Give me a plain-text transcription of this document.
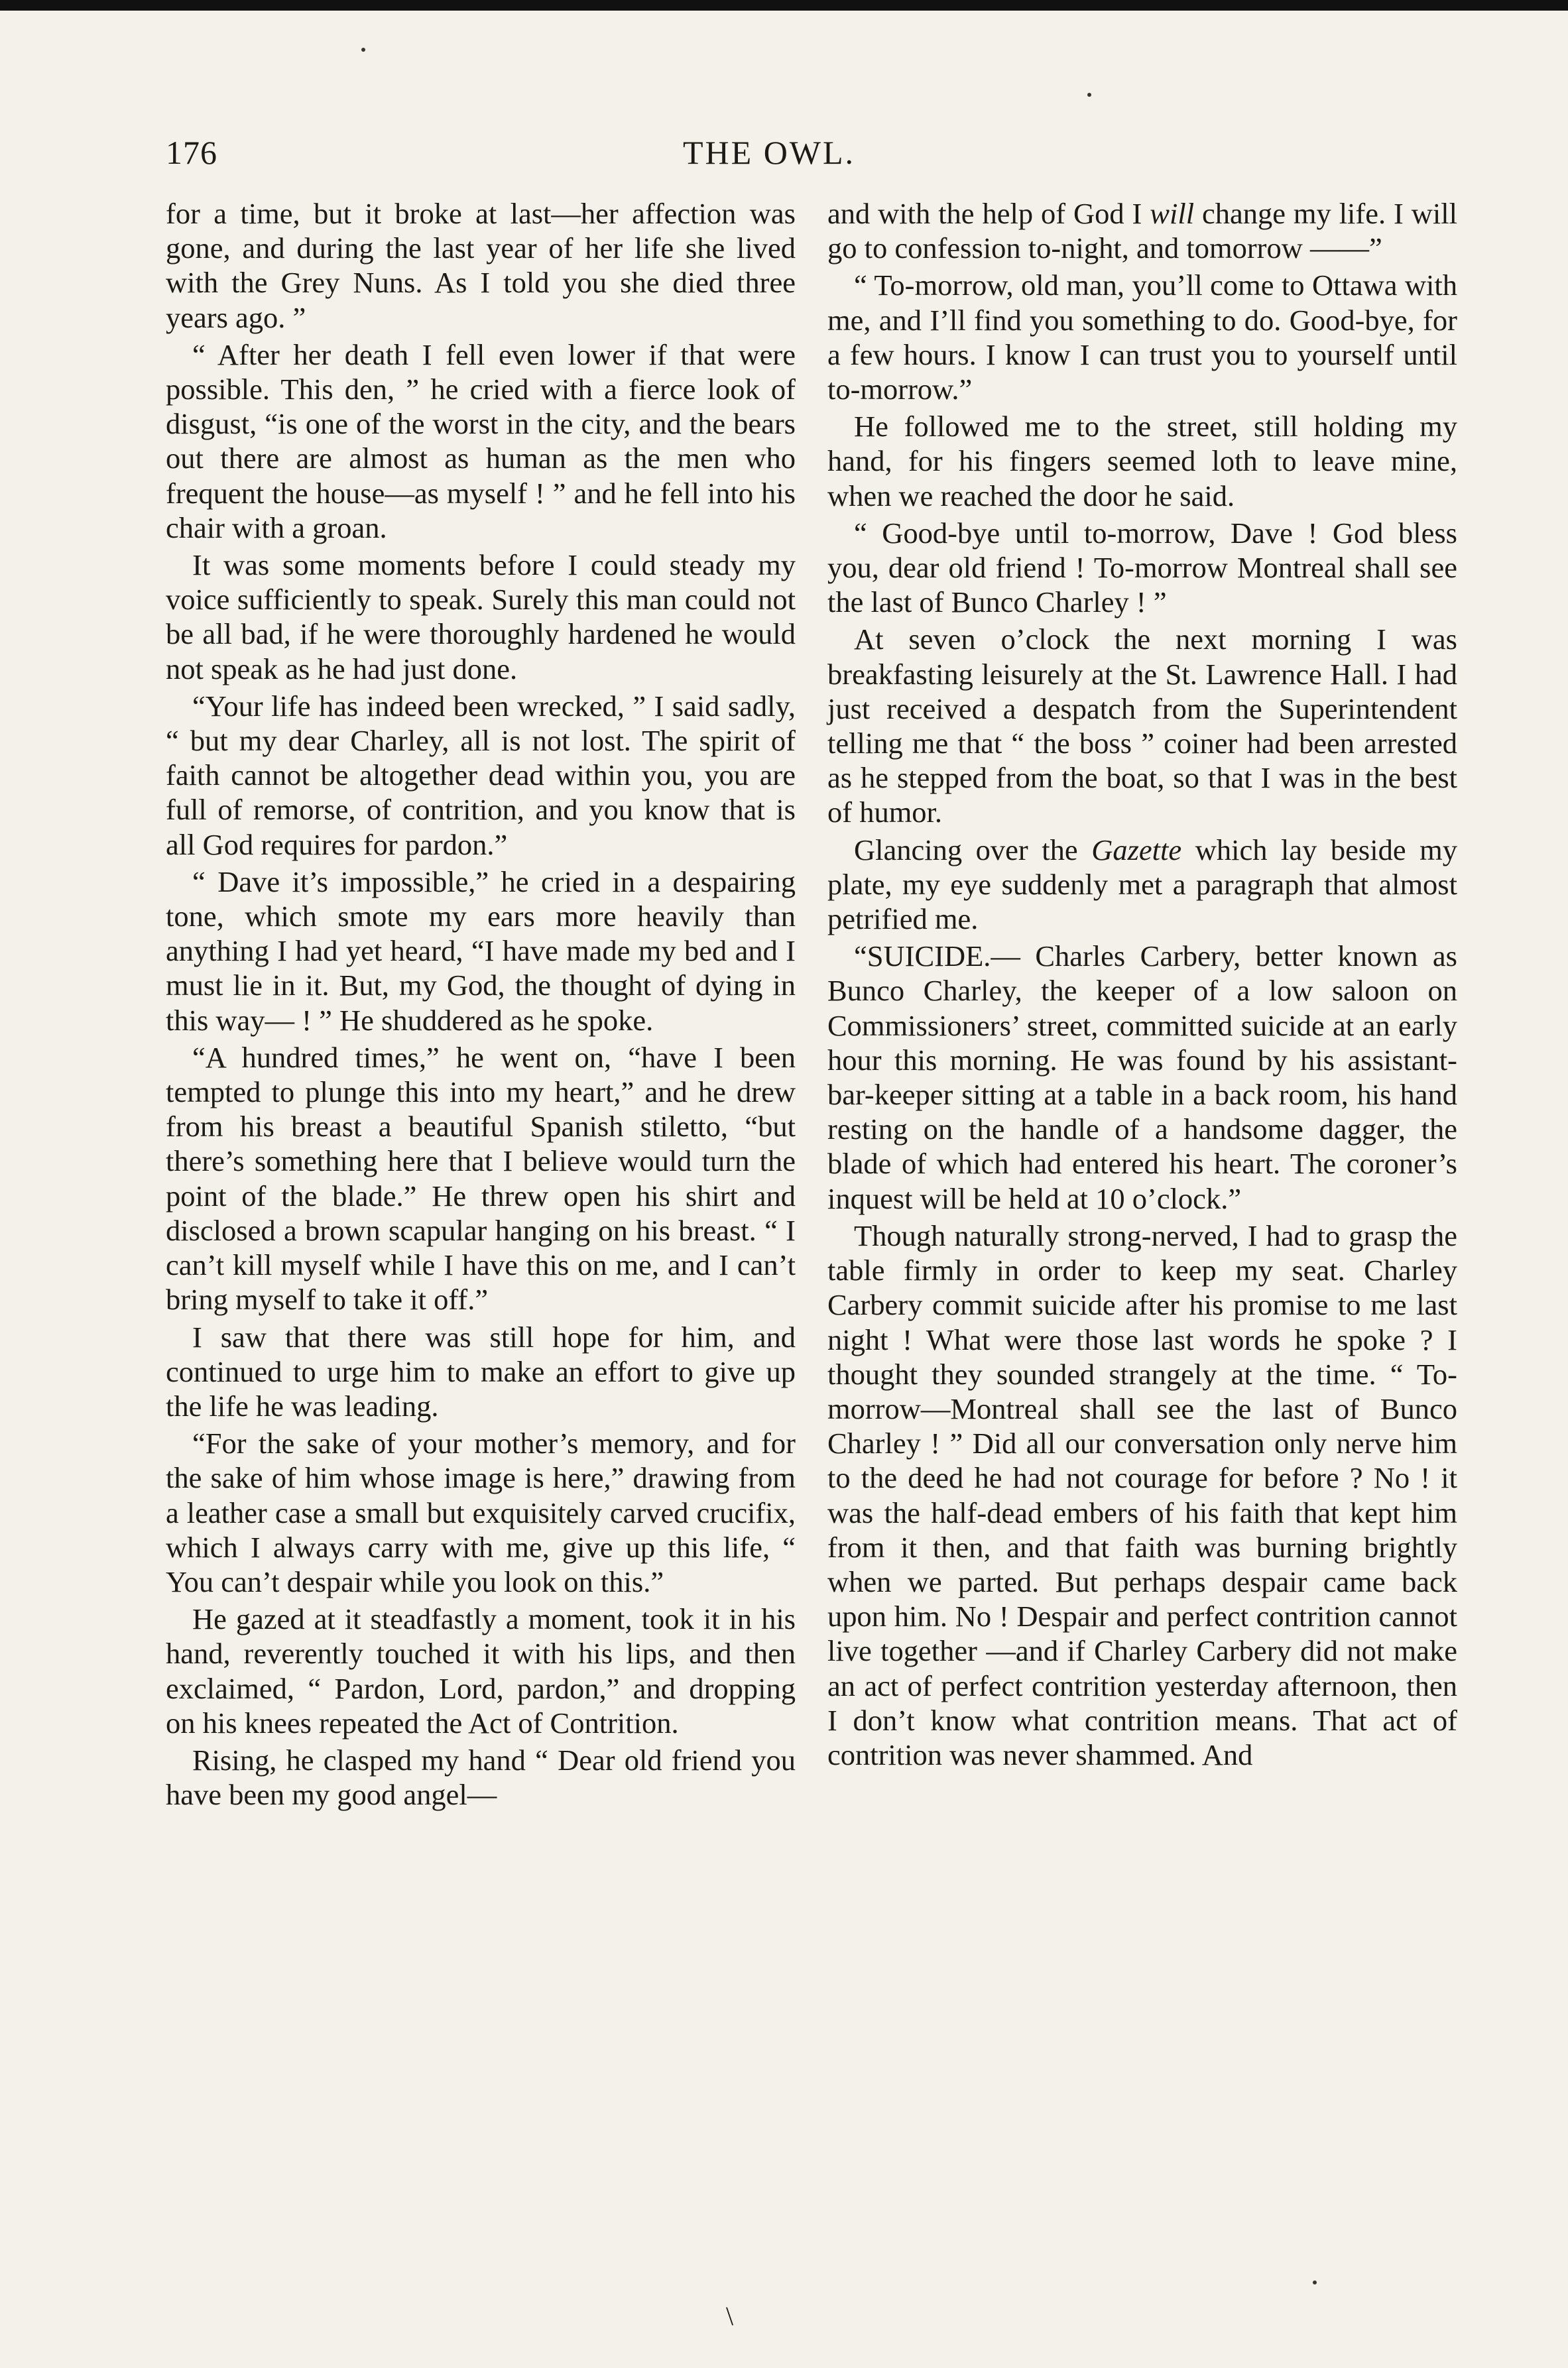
176	THE OWL.

for a time, but it broke at last—her affection was gone, and during the last year of her life she lived with the Grey Nuns. As I told you she died three years ago. ”

“ After her death I fell even lower if that were possible. This den, ” he cried with a fierce look of disgust, “is one of the worst in the city, and the bears out there are almost as human as the men who frequent the house—as myself ! ” and he fell into his chair with a groan.

It was some moments before I could steady my voice sufficiently to speak. Surely this man could not be all bad, if he were thoroughly hardened he would not speak as he had just done.

“Your life has indeed been wrecked, ” I said sadly, “ but my dear Charley, all is not lost. The spirit of faith cannot be altogether dead within you, you are full of remorse, of contrition, and you know that is all God requires for pardon.”

“ Dave it’s impossible,” he cried in a despairing tone, which smote my ears more heavily than anything I had yet heard, “I have made my bed and I must lie in it. But, my God, the thought of dying in this way— ! ” He shuddered as he spoke.

“A hundred times,” he went on, “have I been tempted to plunge this into my heart,” and he drew from his breast a beautiful Spanish stiletto, “but there’s something here that I believe would turn the point of the blade.” He threw open his shirt and disclosed a brown scapular hanging on his breast. “ I can’t kill myself while I have this on me, and I can’t bring myself to take it off.”

I saw that there was still hope for him, and continued to urge him to make an effort to give up the life he was leading.

“For the sake of your mother’s memory, and for the sake of him whose image is here,” drawing from a leather case a small but exquisitely carved crucifix, which I always carry with me, give up this life, “ You can’t despair while you look on this.”

He gazed at it steadfastly a moment, took it in his hand, reverently touched it with his lips, and then exclaimed, “ Pardon, Lord, pardon,” and dropping on his knees repeated the Act of Contrition.

Rising, he clasped my hand “ Dear old friend you have been my good angel—

and with the help of God I will change my life. I will go to confession to-night, and tomorrow ——”

“ To-morrow, old man, you’ll come to Ottawa with me, and I’ll find you something to do. Good-bye, for a few hours. I know I can trust you to yourself until to-morrow.”

He followed me to the street, still holding my hand, for his fingers seemed loth to leave mine, when we reached the door he said.

“ Good-bye until to-morrow, Dave ! God bless you, dear old friend ! To-morrow Montreal shall see the last of Bunco Charley ! ”

At seven o’clock the next morning I was breakfasting leisurely at the St. Lawrence Hall. I had just received a despatch from the Superintendent telling me that “ the boss ” coiner had been arrested as he stepped from the boat, so that I was in the best of humor.

Glancing over the Gazette which lay beside my plate, my eye suddenly met a paragraph that almost petrified me.

“SUICIDE.— Charles Carbery, better known as Bunco Charley, the keeper of a low saloon on Commissioners’ street, committed suicide at an early hour this morning. He was found by his assistant-bar-keeper sitting at a table in a back room, his hand resting on the handle of a handsome dagger, the blade of which had entered his heart. The coroner’s inquest will be held at 10 o’clock.”

Though naturally strong-nerved, I had to grasp the table firmly in order to keep my seat. Charley Carbery commit suicide after his promise to me last night ! What were those last words he spoke ? I thought they sounded strangely at the time. “ To-morrow—Montreal shall see the last of Bunco Charley ! ” Did all our conversation only nerve him to the deed he had not courage for before ? No ! it was the half-dead embers of his faith that kept him from it then, and that faith was burning brightly when we parted. But perhaps despair came back upon him. No ! Despair and perfect contrition cannot live together —and if Charley Carbery did not make an act of perfect contrition yesterday afternoon, then I don’t know what contrition means. That act of contrition was never shammed. And

\
